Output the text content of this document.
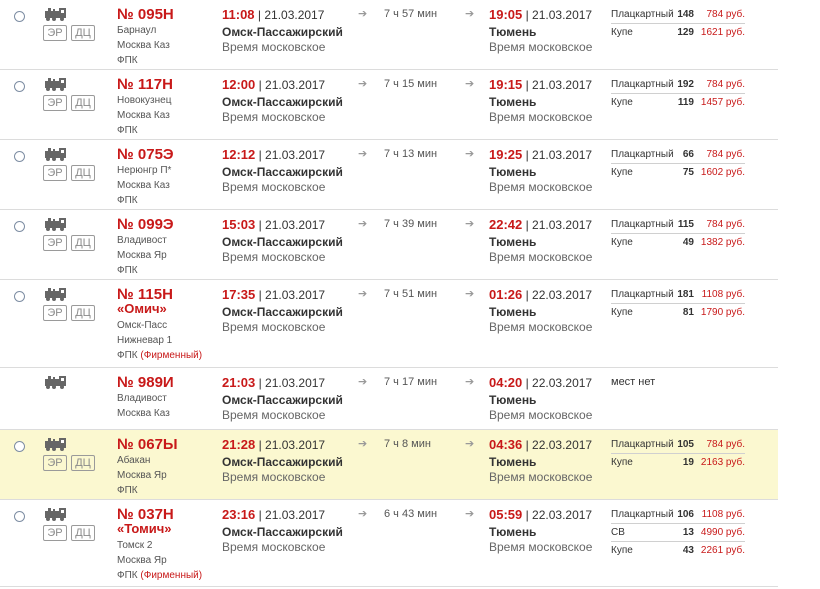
ЭР	ДЦ
№ 095Н
Барнаул
Москва Каз
ФПК
11:08 | 21.03.2017
Омск-Пассажирский
Время московское
➔ 7 ч 57 мин	➔ 19:05 | 21.03.2017
Тюмень
Время московское
Плацкартный 148	784 руб.
Купе	129 1621 руб.
ЭР	ДЦ
№ 117Н
Новокузнец
Москва Каз
ФПК
12:00 | 21.03.2017
Омск-Пассажирский
Время московское
➔ 7 ч 15 мин	➔ 19:15 | 21.03.2017
Тюмень
Время московское
Плацкартный 192	784 руб.
Купе	119 1457 руб.
ЭР	ДЦ
№ 075Э
Нерюнгр П*
Москва Каз
ФПК
12:12 | 21.03.2017
Омск-Пассажирский
Время московское
➔ 7 ч 13 мин	➔ 19:25 | 21.03.2017
Тюмень
Время московское
Плацкартный 66	784 руб.
Купе	75 1602 руб.
ЭР	ДЦ
№ 099Э
Владивост
Москва Яр
ФПК
15:03 | 21.03.2017
Омск-Пассажирский
Время московское
➔ 7 ч 39 мин	➔ 22:42 | 21.03.2017
Тюмень
Время московское
Плацкартный 115	784 руб.
Купе	49 1382 руб.
ЭР	ДЦ
№ 115Н
«Омич»
Омск-Пасс
Нижневар 1
ФПК (Фирменный)
17:35 | 21.03.2017
Омск-Пассажирский
Время московское
➔ 7 ч 51 мин	➔ 01:26 | 22.03.2017
Тюмень
Время московское
Плацкартный 181 1108 руб.
Купе	81 1790 руб.
№ 989И
Владивост
Москва Каз
21:03 | 21.03.2017
Омск-Пассажирский
Время московское
➔ 7 ч 17 мин	➔ 04:20 | 22.03.2017
Тюмень
Время московское
мест нет
ЭР	ДЦ
№ 067Ы
Абакан
Москва Яр
ФПК
21:28 | 21.03.2017
Омск-Пассажирский
Время московское
➔ 7 ч 8 мин	➔ 04:36 | 22.03.2017
Тюмень
Время московское
Плацкартный 105	784 руб.
Купе	19 2163 руб.
ЭР	ДЦ
№ 037Н
«Томич»
Томск 2
Москва Яр
ФПК (Фирменный)
23:16 | 21.03.2017
Омск-Пассажирский
Время московское
➔ 6 ч 43 мин	➔ 05:59 | 22.03.2017
Тюмень
Время московское
Плацкартный 106 1108 руб.
СВ	13 4990 руб.
Купе	43 2261 руб.
